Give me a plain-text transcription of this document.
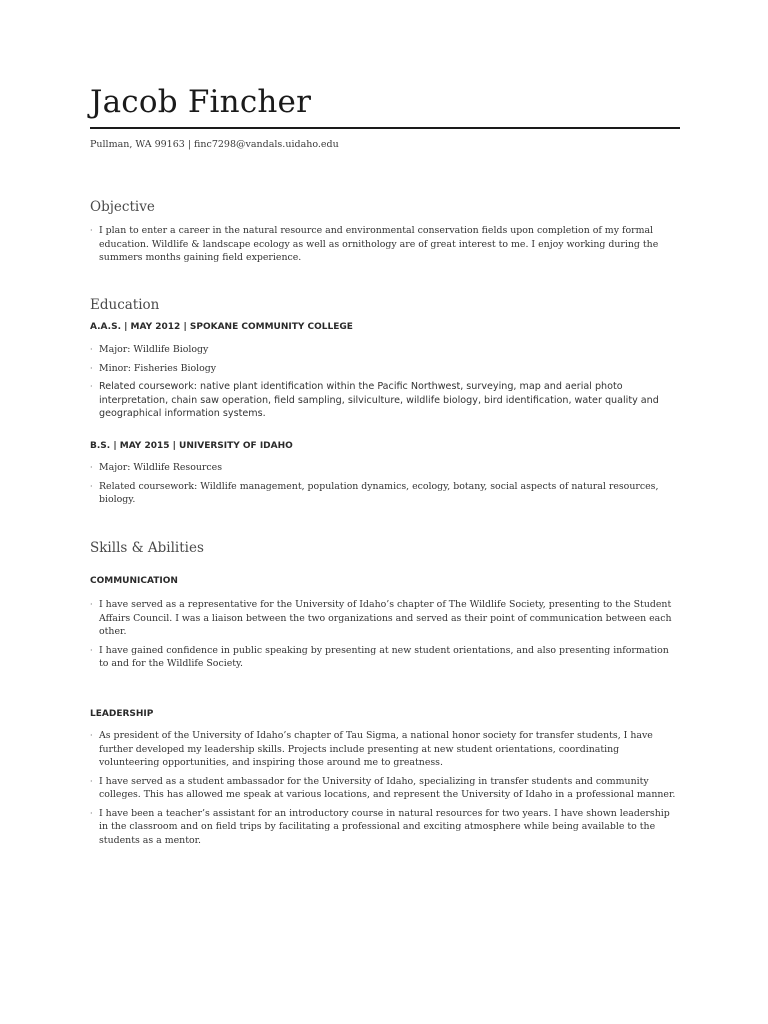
Jacob Fincher
Pullman, WA 99163 | finc7298@vandals.uidaho.edu
Objective
· I plan to enter a career in the natural resource and environmental conservation fields upon completion of my formal education. Wildlife & landscape ecology as well as ornithology are of great interest to me. I enjoy working during the summers months gaining field experience.
Education
A.A.S. | MAY 2012 | SPOKANE COMMUNITY COLLEGE
· Major: Wildlife Biology
· Minor: Fisheries Biology
· Related coursework: native plant identification within the Pacific Northwest, surveying, map and aerial photo interpretation, chain saw operation, field sampling, silviculture, wildlife biology, bird identification, water quality and geographical information systems.
B.S. | MAY 2015 | UNIVERSITY OF IDAHO
· Major: Wildlife Resources
· Related coursework: Wildlife management, population dynamics, ecology, botany, social aspects of natural resources, biology.
Skills & Abilities
COMMUNICATION
· I have served as a representative for the University of Idaho’s chapter of The Wildlife Society, presenting to the Student Affairs Council. I was a liaison between the two organizations and served as their point of communication between each other.
· I have gained confidence in public speaking by presenting at new student orientations, and also presenting information to and for the Wildlife Society.
LEADERSHIP
· As president of the University of Idaho’s chapter of Tau Sigma, a national honor society for transfer students, I have further developed my leadership skills. Projects include presenting at new student orientations, coordinating volunteering opportunities, and inspiring those around me to greatness.
· I have served as a student ambassador for the University of Idaho, specializing in transfer students and community colleges. This has allowed me speak at various locations, and represent the University of Idaho in a professional manner.
· I have been a teacher’s assistant for an introductory course in natural resources for two years. I have shown leadership in the classroom and on field trips by facilitating a professional and exciting atmosphere while being available to the students as a mentor.
